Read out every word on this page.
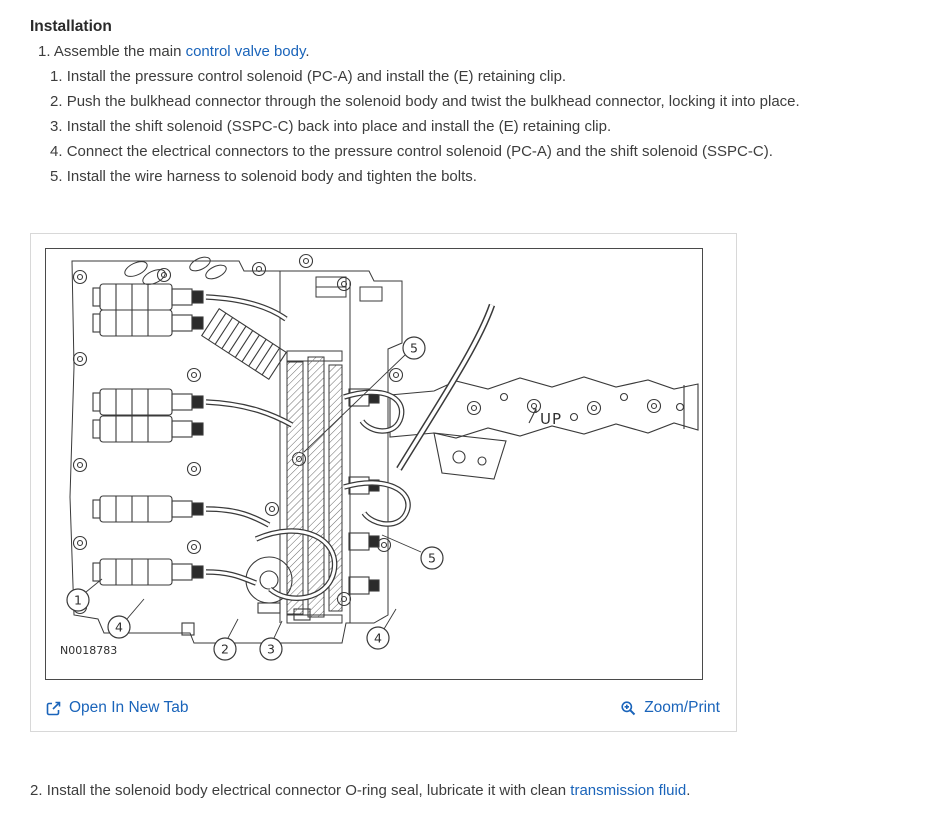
Installation
1. Assemble the main control valve body.
1. Install the pressure control solenoid (PC-A) and install the (E) retaining clip.
2. Push the bulkhead connector through the solenoid body and twist the bulkhead connector, locking it into place.
3. Install the shift solenoid (SSPC-C) back into place and install the (E) retaining clip.
4. Connect the electrical connectors to the pressure control solenoid (PC-A) and the shift solenoid (SSPC-C).
5. Install the wire harness to solenoid body and tighten the bolts.
5
5
1
4
2	3
4
UP
N0018783
Open In New Tab	Zoom/Print
2. Install the solenoid body electrical connector O-ring seal, lubricate it with clean transmission fluid.
